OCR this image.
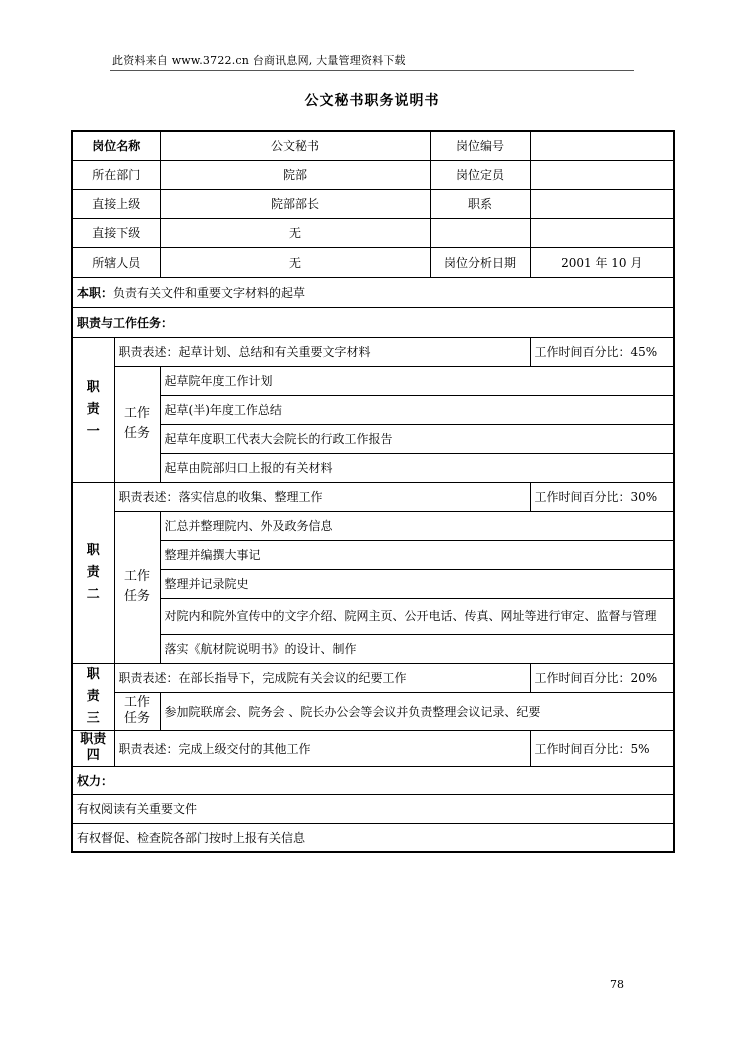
此资料来自 www.3722.cn 台商讯息网, 大量管理资料下载
公文秘书职务说明书
岗位名称		公文秘书	岗位编号	
所在部门		院部	岗位定员	
直接上级		院部部长	职系	
直接下级		无		
所辖人员		无	岗位分析日期	2001 年 10 月
本职：负责有关文件和重要文字材料的起草				
职责与工作任务：				

职
责
一	职责表述：起草计划、总结和有关重要文字材料			工作时间百分比：45%

	工作
任务	起草院年度工作计划		
		起草(半)年度工作总结		
		起草年度职工代表大会院长的行政工作报告		
		起草由院部归口上报的有关材料		

职
责
二	职责表述：落实信息的收集、整理工作			工作时间百分比：30%

	工作
任务	汇总并整理院内、外及政务信息		
		整理并编撰大事记		
		整理并记录院史		
		对院内和院外宣传中的文字介绍、院网主页、公开电话、传真、网址等进行审定、监督与管理		
		落实《航材院说明书》的设计、制作		

职
责
三	职责表述：在部长指导下，完成院有关会议的纪要工作			工作时间百分比：20%

	工作
任务	参加院联席会、院务会 、院长办公会等会议并负责整理会议记录、纪要		

职责
四	职责表述：完成上级交付的其他工作			工作时间百分比：5%
权力：				
有权阅读有关重要文件				
有权督促、检查院各部门按时上报有关信息				
78
